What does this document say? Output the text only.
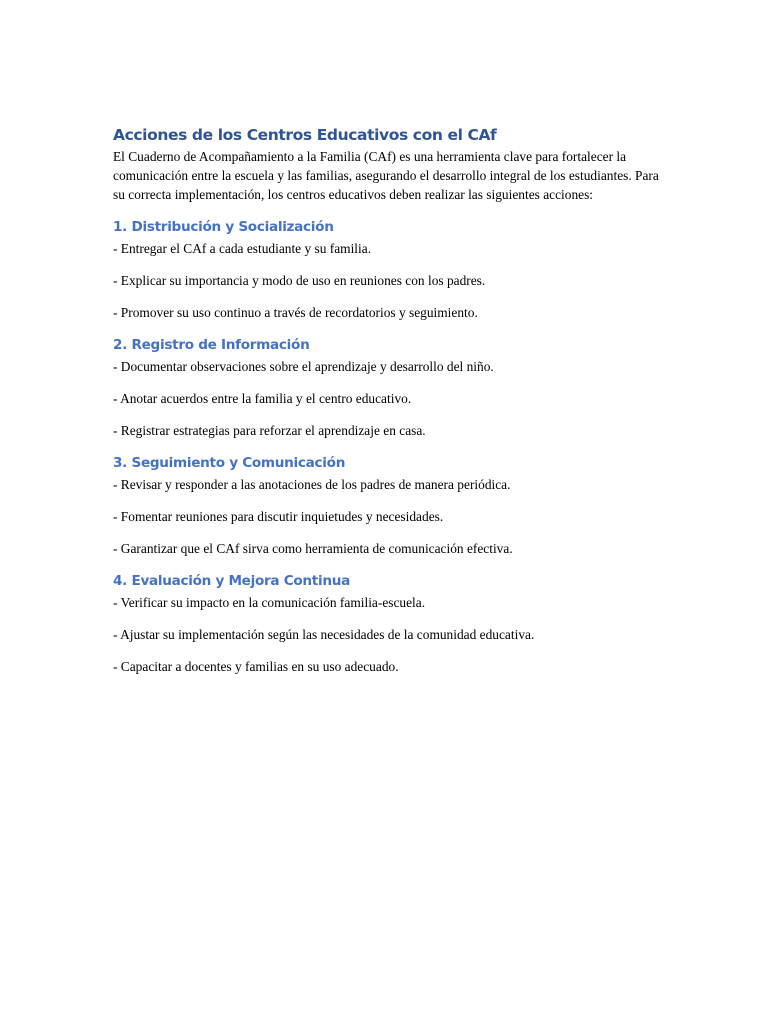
Acciones de los Centros Educativos con el CAf

El Cuaderno de Acompañamiento a la Familia (CAf) es una herramienta clave para fortalecer la comunicación entre la escuela y las familias, asegurando el desarrollo integral de los estudiantes. Para su correcta implementación, los centros educativos deben realizar las siguientes acciones:

1. Distribución y Socialización

- Entregar el CAf a cada estudiante y su familia.

- Explicar su importancia y modo de uso en reuniones con los padres.

- Promover su uso continuo a través de recordatorios y seguimiento.

2. Registro de Información

- Documentar observaciones sobre el aprendizaje y desarrollo del niño.

- Anotar acuerdos entre la familia y el centro educativo.

- Registrar estrategias para reforzar el aprendizaje en casa.

3. Seguimiento y Comunicación

- Revisar y responder a las anotaciones de los padres de manera periódica.

- Fomentar reuniones para discutir inquietudes y necesidades.

- Garantizar que el CAf sirva como herramienta de comunicación efectiva.

4. Evaluación y Mejora Continua

- Verificar su impacto en la comunicación familia-escuela.

- Ajustar su implementación según las necesidades de la comunidad educativa.

- Capacitar a docentes y familias en su uso adecuado.
